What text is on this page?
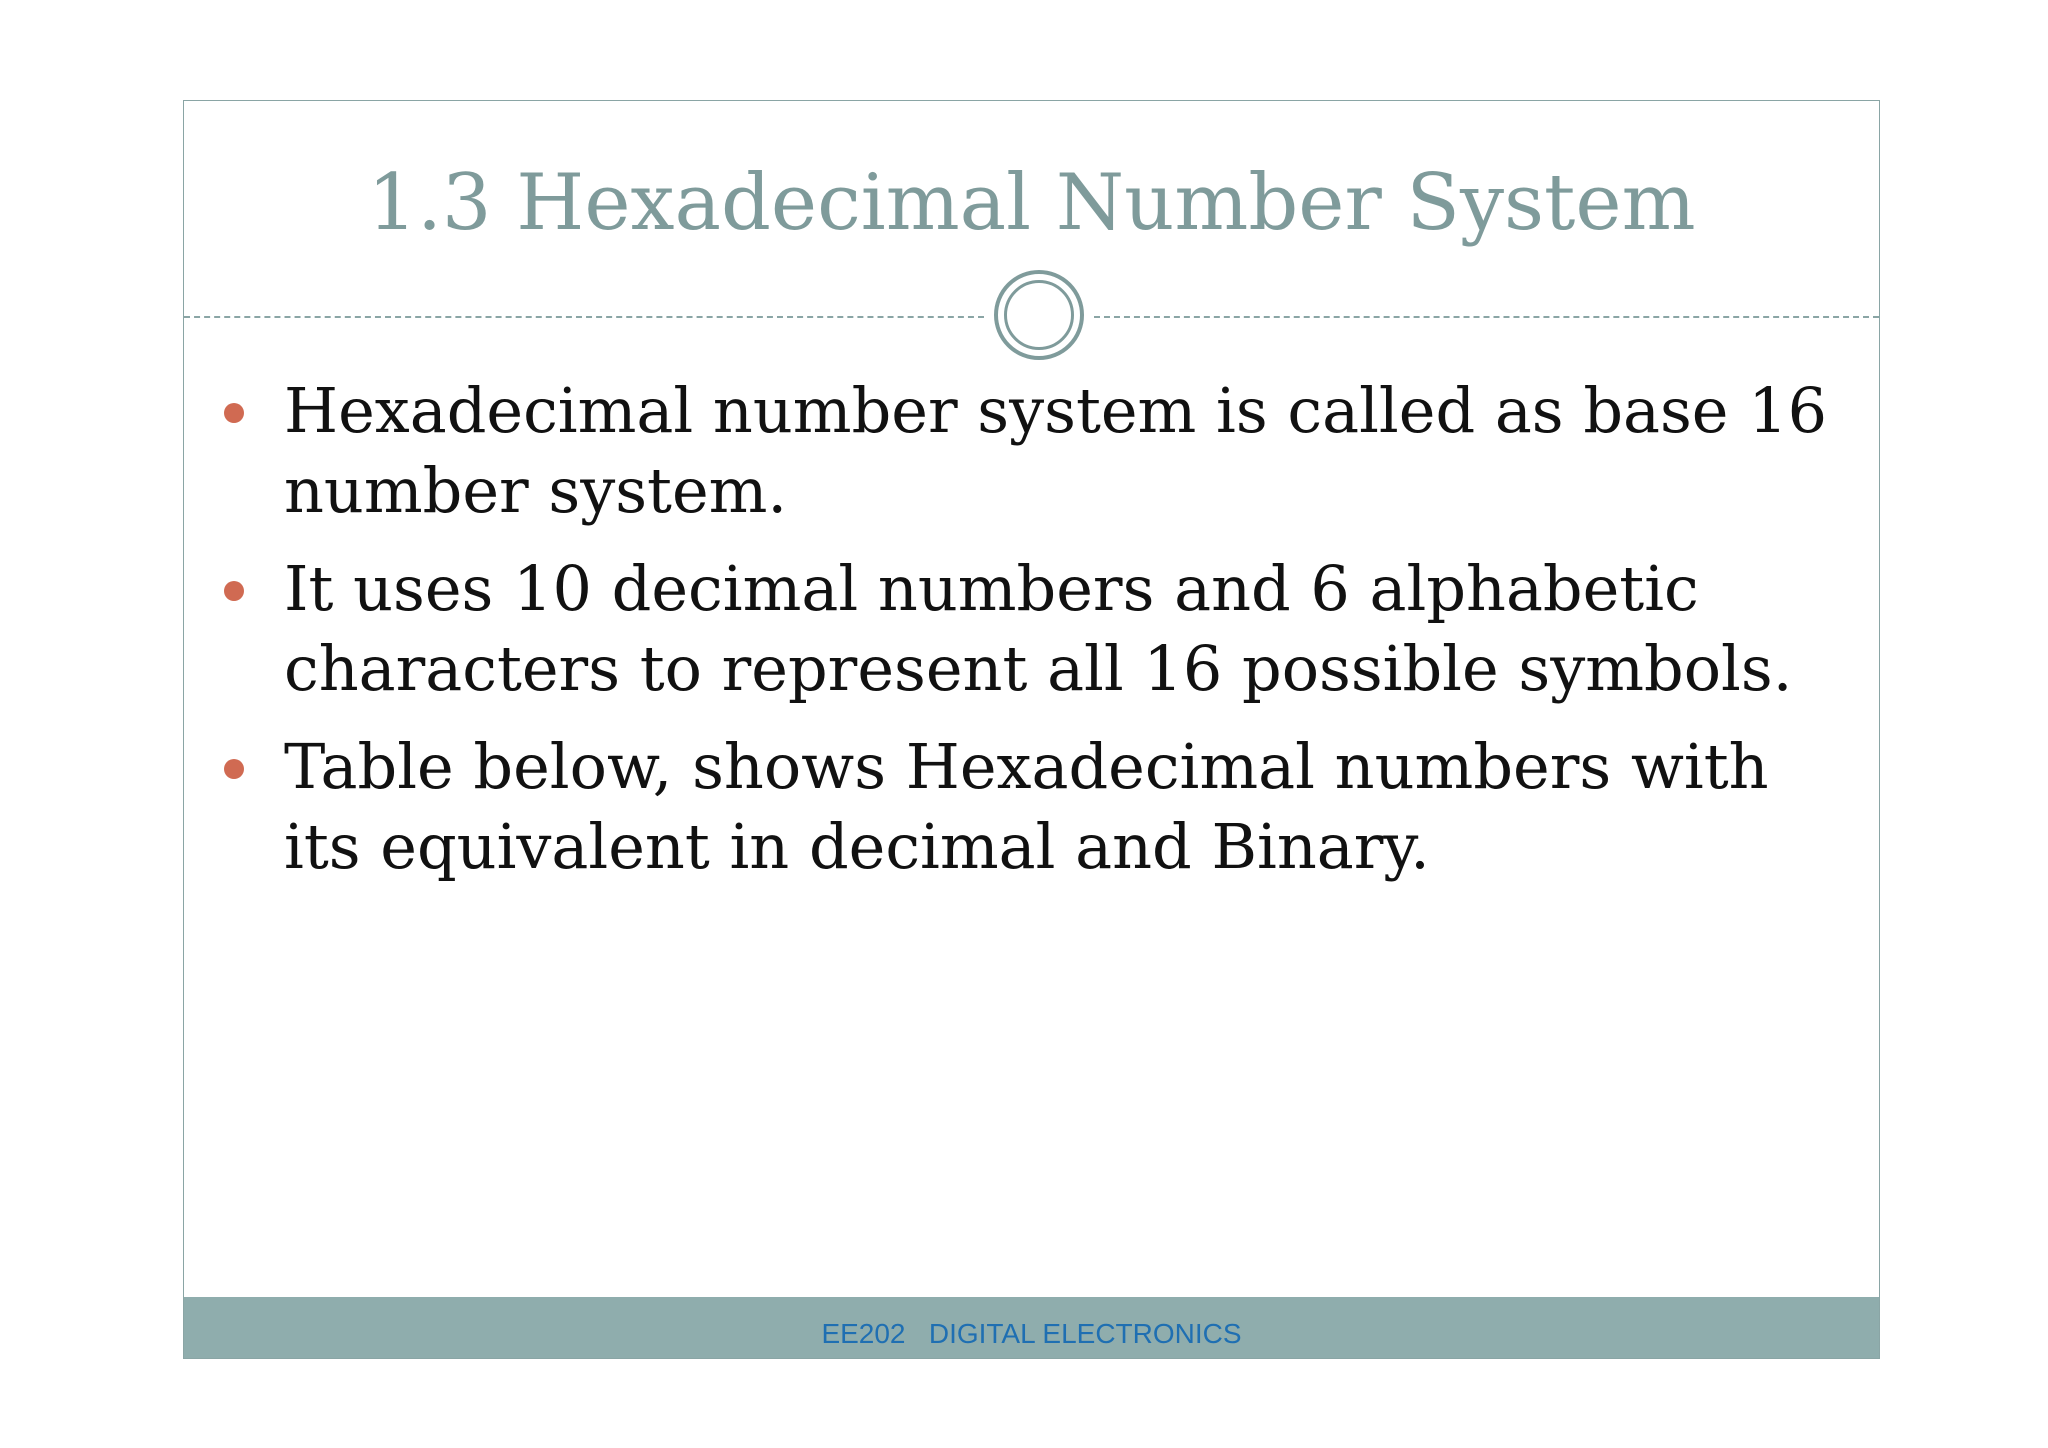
1.3 Hexadecimal Number System
Hexadecimal number system is called as base 16 number system.
It uses 10 decimal numbers and 6 alphabetic characters to represent all 16 possible symbols.
Table below, shows Hexadecimal numbers with its equivalent in decimal and Binary.
EE202   DIGITAL ELECTRONICS
